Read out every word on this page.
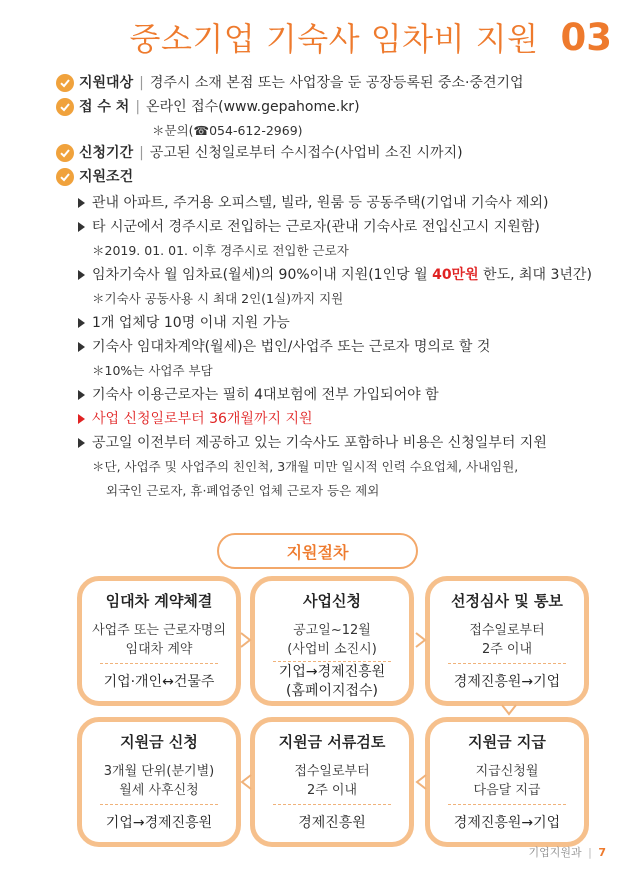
중소기업 기숙사 임차비 지원 03
지원대상 | 경주시 소재 본점 또는 사업장을 둔 공장등록된 중소·중견기업
접 수 처 | 온라인 접수(www.gepahome.kr)
＊문의(☎054-612-2969)
신청기간 | 공고된 신청일로부터 수시접수(사업비 소진 시까지)
지원조건
관내 아파트, 주거용 오피스텔, 빌라, 원룸 등 공동주택(기업내 기숙사 제외)
타 시군에서 경주시로 전입하는 근로자(관내 기숙사로 전입신고시 지원함)
＊2019. 01. 01. 이후 경주시로 전입한 근로자
임차기숙사 월 임차료(월세)의 90%이내 지원(1인당 월 40만원 한도, 최대 3년간)
＊기숙사 공동사용 시 최대 2인(1실)까지 지원
1개 업체당 10명 이내 지원 가능
기숙사 임대차계약(월세)은 법인/사업주 또는 근로자 명의로 할 것
＊10%는 사업주 부담
기숙사 이용근로자는 필히 4대보험에 전부 가입되어야 함
사업 신청일로부터 36개월까지 지원
공고일 이전부터 제공하고 있는 기숙사도 포함하나 비용은 신청일부터 지원
＊단, 사업주 및 사업주의 친인척, 3개월 미만 일시적 인력 수요업체, 사내임원,
외국인 근로자, 휴·폐업중인 업체 근로자 등은 제외
지원절차
임대차 계약체결
사업주 또는 근로자명의
임대차 계약
기업·개인↔건물주
사업신청
공고일~12월
(사업비 소진시)
기업→경제진흥원
(홈페이지접수)
선정심사 및 통보
접수일로부터
2주 이내
경제진흥원→기업
지원금 지급
지급신청월
다음달 지급
경제진흥원→기업
지원금 서류검토
접수일로부터
2주 이내
경제진흥원
지원금 신청
3개월 단위(분기별)
월세 사후신청
기업→경제진흥원
기업지원과 | 7
